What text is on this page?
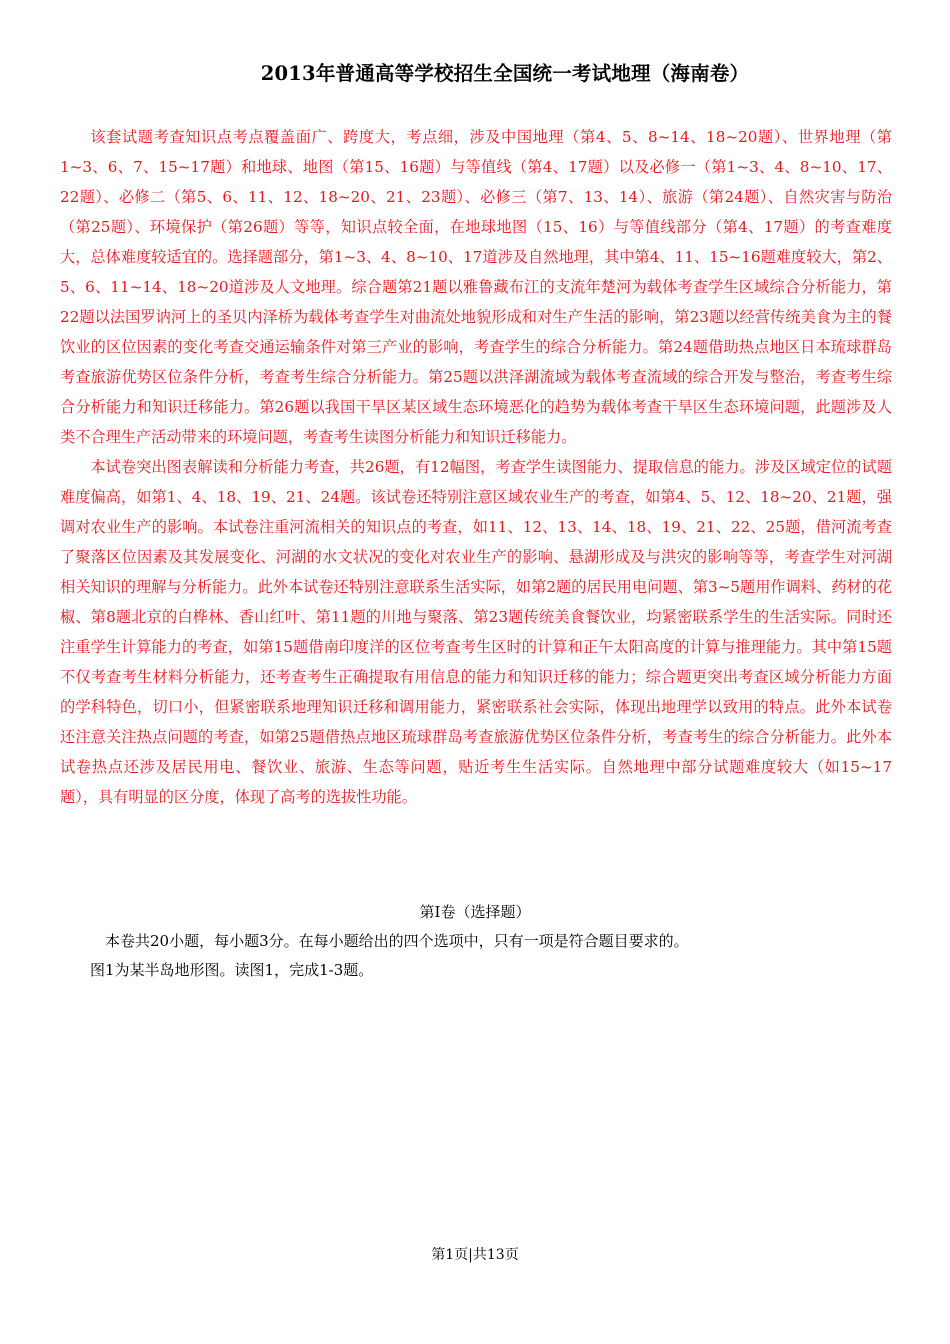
2013年普通高等学校招生全国统一考试地理（海南卷）

该套试题考查知识点考点覆盖面广、跨度大，考点细，涉及中国地理（第4、5、8~14、18~20题）、世界地理（第1~3、6、7、15~17题）和地球、地图（第15、16题）与等值线（第4、17题）以及必修一（第1~3、4、8~10、17、22题）、必修二（第5、6、11、12、18~20、21、23题）、必修三（第7、13、14）、旅游（第24题）、自然灾害与防治（第25题）、环境保护（第26题）等等，知识点较全面，在地球地图（15、16）与等值线部分（第4、17题）的考查难度大，总体难度较适宜的。选择题部分，第1~3、4、8~10、17道涉及自然地理，其中第4、11、15~16题难度较大，第2、5、6、11~14、18~20道涉及人文地理。综合题第21题以雅鲁藏布江的支流年楚河为载体考查学生区域综合分析能力，第22题以法国罗讷河上的圣贝内泽桥为载体考查学生对曲流处地貌形成和对生产生活的影响，第23题以经营传统美食为主的餐饮业的区位因素的变化考查交通运输条件对第三产业的影响，考查学生的综合分析能力。第24题借助热点地区日本琉球群岛考查旅游优势区位条件分析，考查考生综合分析能力。第25题以洪泽湖流域为载体考查流域的综合开发与整治，考查考生综合分析能力和知识迁移能力。第26题以我国干旱区某区域生态环境恶化的趋势为载体考查干旱区生态环境问题，此题涉及人类不合理生产活动带来的环境问题，考查考生读图分析能力和知识迁移能力。

本试卷突出图表解读和分析能力考查，共26题，有12幅图，考查学生读图能力、提取信息的能力。涉及区域定位的试题难度偏高，如第1、4、18、19、21、24题。该试卷还特别注意区域农业生产的考查，如第4、5、12、18~20、21题，强调对农业生产的影响。本试卷注重河流相关的知识点的考查，如11、12、13、14、18、19、21、22、25题，借河流考查了聚落区位因素及其发展变化、河湖的水文状况的变化对农业生产的影响、悬湖形成及与洪灾的影响等等，考查学生对河湖相关知识的理解与分析能力。此外本试卷还特别注意联系生活实际，如第2题的居民用电问题、第3~5题用作调料、药材的花椒、第8题北京的白桦林、香山红叶、第11题的川地与聚落、第23题传统美食餐饮业，均紧密联系学生的生活实际。同时还注重学生计算能力的考查，如第15题借南印度洋的区位考查考生区时的计算和正午太阳高度的计算与推理能力。其中第15题不仅考查考生材料分析能力，还考查考生正确提取有用信息的能力和知识迁移的能力；综合题更突出考查区域分析能力方面的学科特色，切口小，但紧密联系地理知识迁移和调用能力，紧密联系社会实际，体现出地理学以致用的特点。此外本试卷还注意关注热点问题的考查，如第25题借热点地区琉球群岛考查旅游优势区位条件分析，考查考生的综合分析能力。此外本试卷热点还涉及居民用电、餐饮业、旅游、生态等问题，贴近考生生活实际。自然地理中部分试题难度较大（如15~17题），具有明显的区分度，体现了高考的选拔性功能。

第Ⅰ卷（选择题）
本卷共20小题，每小题3分。在每小题给出的四个选项中，只有一项是符合题目要求的。
图1为某半岛地形图。读图1，完成1-3题。
第1页|共13页
